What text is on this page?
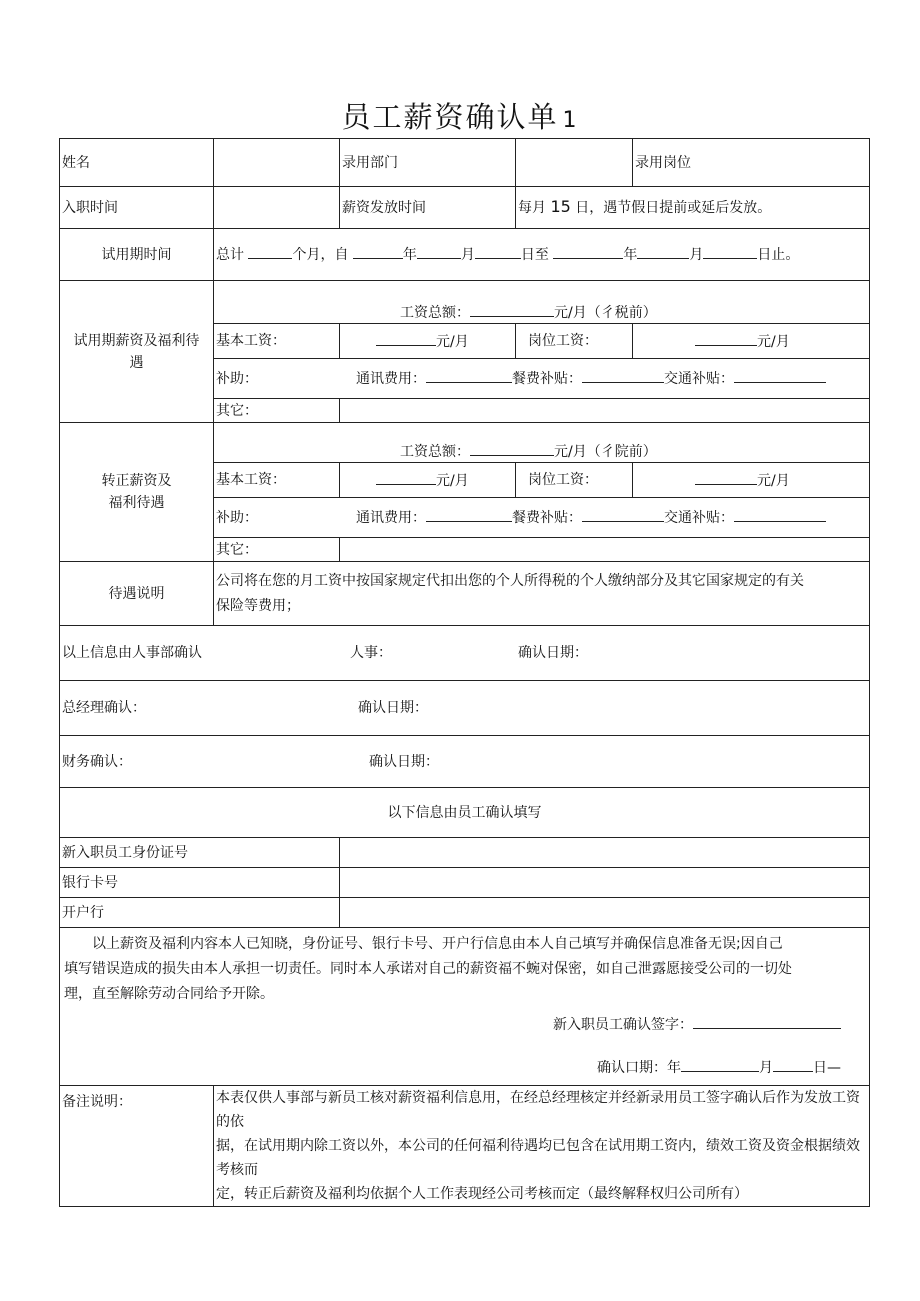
员工薪资确认单 1
姓名		录用部门		录用岗位
入职时间		薪资发放时间	每月 15 日，遇节假日提前或延后发放。	
试用期时间	总计 个月，自 年 月 日至 年 月 日止。			
试用期薪资及福利待遇	工资总额： 元/月（彳税前）			
	基本工资：	元/月	岗位工资：	元/月
	补助： 通讯费用： 餐费补贴： 交通补贴：			
	其它：			
转正薪资及
福利待遇	工资总额： 元/月（彳院前）			
	基本工资：	元/月	岗位工资：	元/月
	补助： 通讯费用： 餐费补贴： 交通补贴：			
	其它：			
待遇说明	公司将在您的月工资中按国家规定代扣出您的个人所得税的个人缴纳部分及其它国家规定的有关
保险等费用；			
以上信息由人事部确认 人事： 确认日期：				
总经理确认： 确认日期：				
财务确认： 确认日期：				
以下信息由员工确认填写				
新入职员工身份证号				
银行卡号				
开户行				

以上薪资及福利内容本人已知晓，身份证号、银行卡号、开户行信息由本人自己填写并确保信息准备无误;因自己
填写错误造成的损失由本人承担一切责任。同时本人承诺对自己的薪资福不蜿对保密，如自己泄露愿接受公司的一切处
理，直至解除劳动合同给予开除。
新入职员工确认签字：
确认口期：年 月 日—				

备注说明：	本表仅供人事部与新员工核对薪资福利信息用，在经总经理核定并经新录用员工签字确认后作为发放工资的依
据，在试用期内除工资以外，本公司的任何福利待遇均已包含在试用期工资内，绩效工资及资金根据绩效考核而
定，转正后薪资及福利均依据个人工作表现经公司考核而定（最终解释权归公司所有）			
